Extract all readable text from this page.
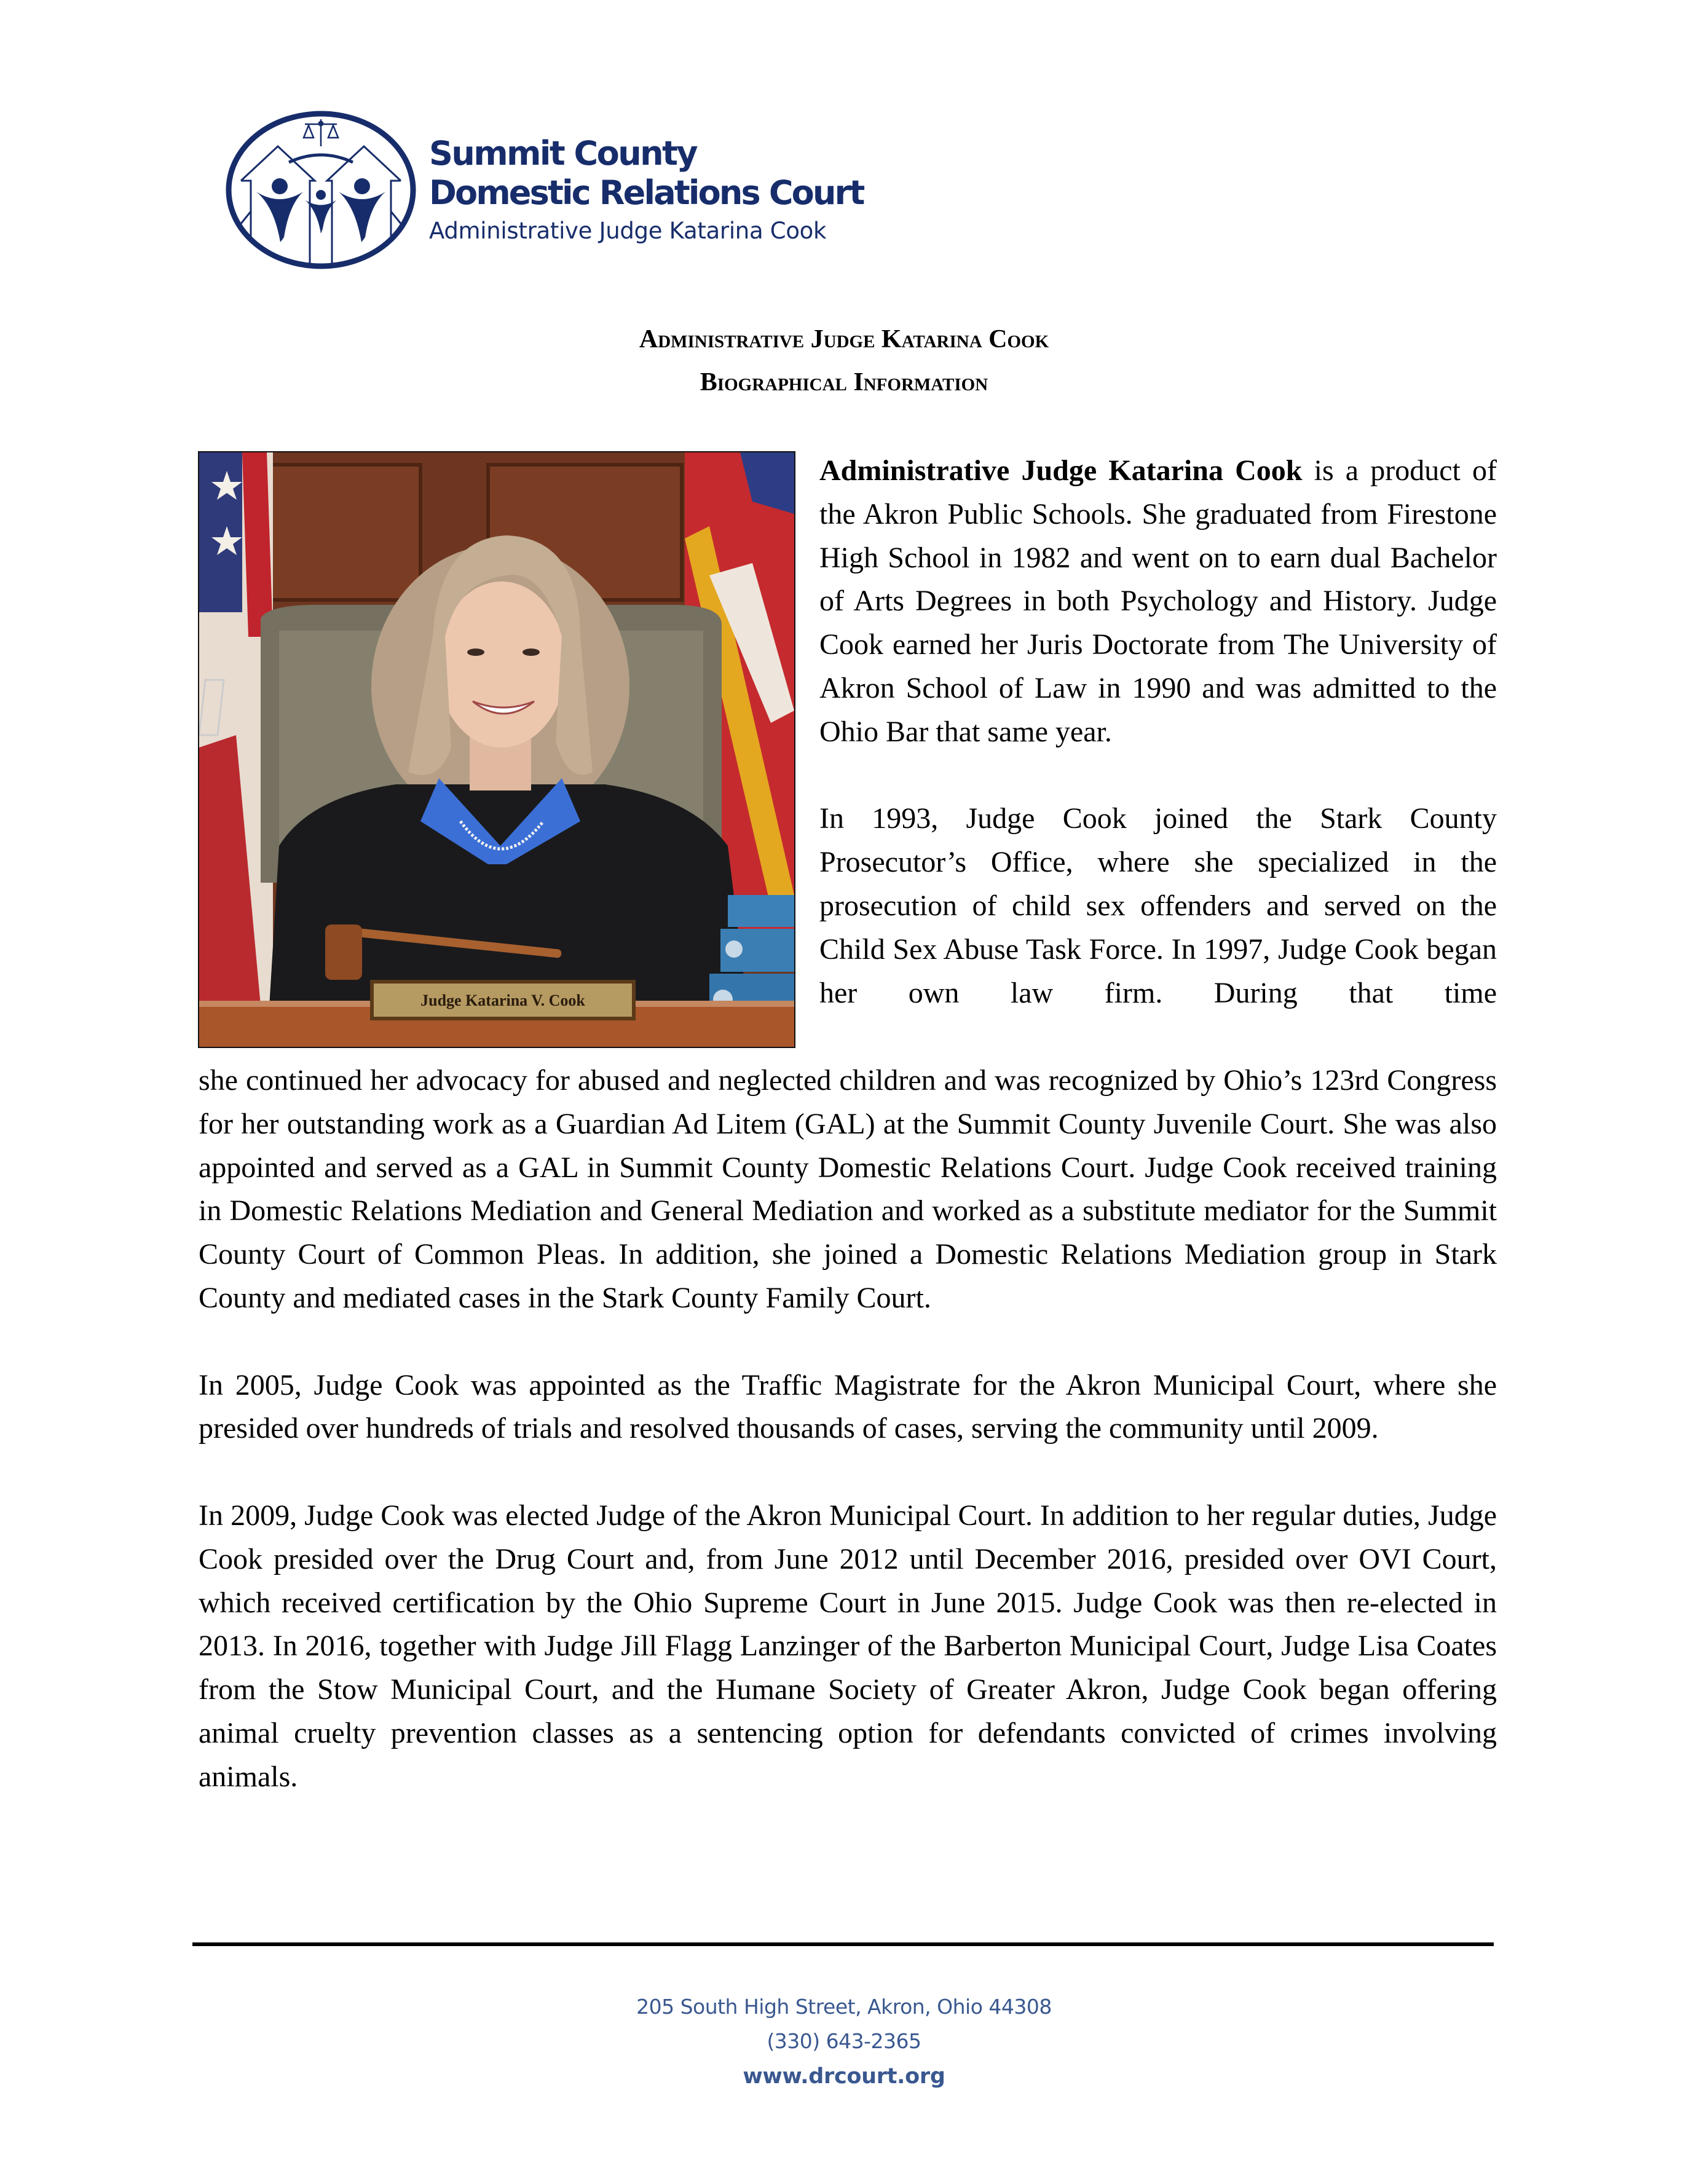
Summit County
Domestic Relations Court
Administrative Judge Katarina Cook
Administrative Judge Katarina Cook
Biographical Information
Judge Katarina V. Cook

Administrative Judge Katarina Cook is a product of the Akron Public Schools. She graduated from Firestone High School in 1982 and went on to earn dual Bachelor of Arts Degrees in both Psychology and History. Judge Cook earned her Juris Doctorate from The University of Akron School of Law in 1990 and was admitted to the Ohio Bar that same year.

In 1993, Judge Cook joined the Stark County Prosecutor’s Office, where she specialized in the prosecution of child sex offenders and served on the Child Sex Abuse Task Force. In 1997, Judge Cook began her own law firm. During that time

she continued her advocacy for abused and neglected children and was recognized by Ohio’s 123rd Congress for her outstanding work as a Guardian Ad Litem (GAL) at the Summit County Juvenile Court. She was also appointed and served as a GAL in Summit County Domestic Relations Court. Judge Cook received training in Domestic Relations Mediation and General Mediation and worked as a substitute mediator for the Summit County Court of Common Pleas. In addition, she joined a Domestic Relations Mediation group in Stark County and mediated cases in the Stark County Family Court.

In 2005, Judge Cook was appointed as the Traffic Magistrate for the Akron Municipal Court, where she presided over hundreds of trials and resolved thousands of cases, serving the community until 2009.

In 2009, Judge Cook was elected Judge of the Akron Municipal Court. In addition to her regular duties, Judge Cook presided over the Drug Court and, from June 2012 until December 2016, presided over OVI Court, which received certification by the Ohio Supreme Court in June 2015. Judge Cook was then re-elected in 2013. In 2016, together with Judge Jill Flagg Lanzinger of the Barberton Municipal Court, Judge Lisa Coates from the Stow Municipal Court, and the Humane Society of Greater Akron, Judge Cook began offering animal cruelty prevention classes as a sentencing option for defendants convicted of crimes involving animals.

205 South High Street, Akron, Ohio 44308
(330) 643-2365
www.drcourt.org
